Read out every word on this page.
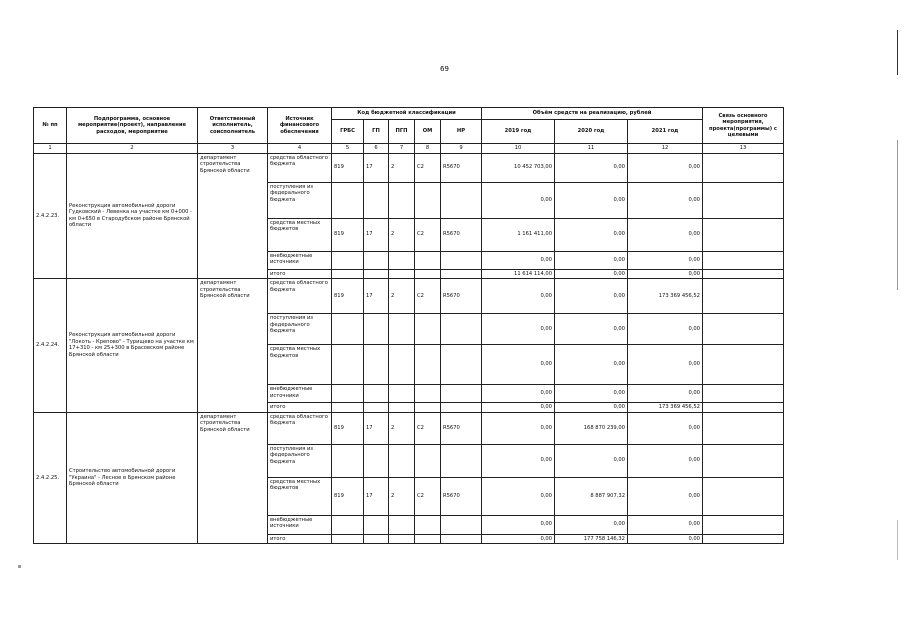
69
№ пп	Подпрограмма, основное мероприятие(проект), направление расходов, мероприятие	Ответственный исполнитель, соисполнитель	Источник финансового обеспечения	Код бюджетной классификации					Объём средств на реализацию, рублей			Связь основного мероприятия, проекта(программы) с целевыми
				ГРБС	ГП	ПГП	ОМ	НР	2019 год	2020 год	2021 год	
1	2	3	4	5	6	7	8	9	10	11	12	13
2.4.2.23.	Реконструкция автомобильной дороги Гудковский - Левенка на участке км 0+000 - км 0+650 в Стародубском районе Брянской области	департамент строительства Брянской области	средства областного бюджета	819	17	2	С2	R5670	10 452 703,00	0,00	0,00	
			поступления из федерального бюджета						0,00	0,00	0,00	
			средства местных бюджетов	819	17	2	С2	R5670	1 161 411,00	0,00	0,00	
			внебюджетные источники						0,00	0,00	0,00	
			итого						11 614 114,00	0,00	0,00	
2.4.2.24.	Реконструкция автомобильной дороги "Локоть - Крепово" - Турищево на участке км 17+310 - км 25+300 в Брасовском районе Брянской области	департамент строительства Брянской области	средства областного бюджета	819	17	2	С2	R5670	0,00	0,00	173 369 456,52	
			поступления из федерального бюджета						0,00	0,00	0,00	
			средства местных бюджетов						0,00	0,00	0,00	
			внебюджетные источники						0,00	0,00	0,00	
			итого						0,00	0,00	173 369 456,52	
2.4.2.25.	Строительство автомобильной дороги "Украина" - Лесное в Брянском районе Брянской области	департамент строительства Брянской области	средства областного бюджета	819	17	2	С2	R5670	0,00	168 870 239,00	0,00	
			поступления из федерального бюджета						0,00	0,00	0,00	
			средства местных бюджетов	819	17	2	С2	R5670	0,00	8 887 907,32	0,00	
			внебюджетные источники						0,00	0,00	0,00	
			итого						0,00	177 758 146,32	0,00	
